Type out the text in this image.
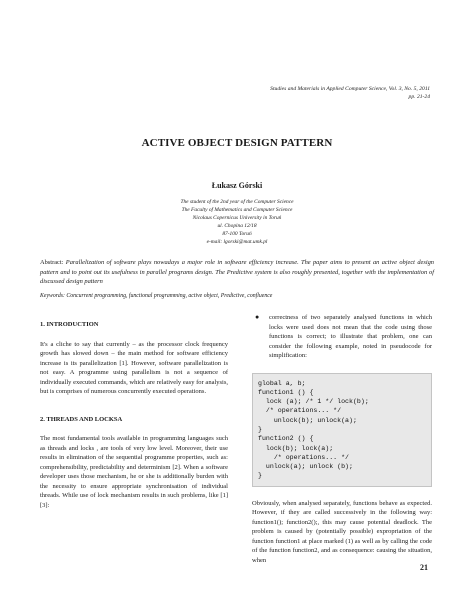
Studies and Materials in Applied Computer Science, Vol. 3, No. 5, 2011
pp. 21-24
ACTIVE OBJECT DESIGN PATTERN
Łukasz Górski
The student of the 2nd year of the Computer Science
The Faculty of Mathematics and Computer Science
Nicolaus Copernicus University in Toruń
ul. Chopina 12/18
87-100 Toruń
e-mail: lgorski@mat.umk.pl
Abstract: Parallelization of software plays nowadays a major role in software efficiency increase. The paper aims to present an active object design pattern and to point out its usefulness in parallel programs design. The Predictive system is also roughly presented, together with the implementation of discussed design pattern
Keywords: Concurrent programming, functional programming, active object, Predictive, confluence
1. INTRODUCTION

It's a cliche to say that currently – as the processor clock frequency growth has slowed down – the main method for software efficiency increase is its parallelization [1]. However, software parallelization is not easy. A programme using parallelism is not a sequence of individually executed commands, which are relatively easy for analysis, but is comprises of numerous concurrently executed operations.

2. THREADS AND LOCKSA

The most fundamental tools available in programming languages such as threads and locks , are tools of very low level. Moreover, their use results in elimination of the sequential programme properties, such as: comprehensibility, predictability and determinism [2]. When a software developer uses those mechanism, he or she is additionally burden with the necessity to ensure appropriate synchronisation of individual threads. While use of lock mechanism results in such problems, like [1] [3]:

● correctness of two separately analysed functions in which locks were used does not mean that the code using those functions is correct; to illustrate that problem, one can consider the following example, noted in pseudocode for simplification:
global a, b;
function1 () {
lock (a); /* 1 */ lock(b);
/* operations... */
unlock(b); unlock(a);
}
function2 () {
lock(b); lock(a);
/* operations... */
unlock(a); unlock (b);
}

Obviously, when analysed separately, functions behave as expected. However, if they are called successively in the following way: function1(); function2();, this may cause potential deadlock. The problem is caused by (potentially possible) expropriation of the function function1 at place marked (1) as well as by calling the code of the function function2, and as consequence: causing the situation, when

21
